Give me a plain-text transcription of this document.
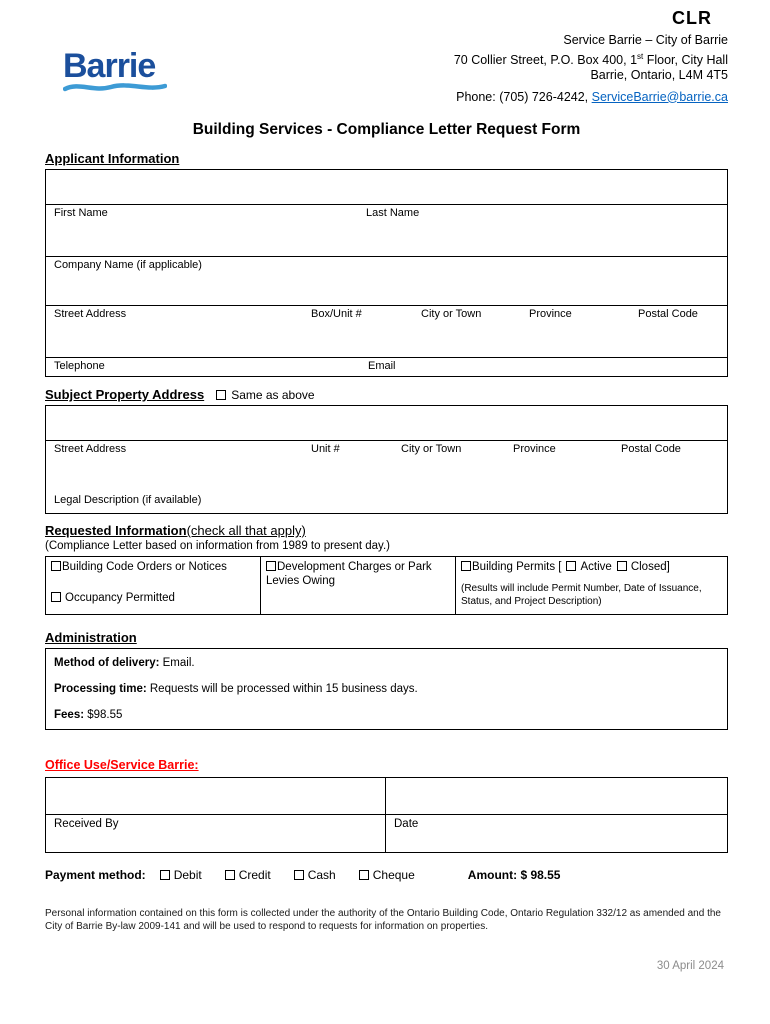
CLR
Barrie
Service Barrie – City of Barrie
70 Collier Street, P.O. Box 400, 1st Floor, City Hall
Barrie, Ontario, L4M 4T5
Phone: (705) 726-4242, ServiceBarrie@barrie.ca
Building Services - Compliance Letter Request Form
Applicant Information
First Name	Last Name
Company Name (if applicable)
Street Address	Box/Unit #	City or Town	Province	Postal Code
Telephone	Email
Subject Property Address Same as above
Street Address	Unit #	City or Town	Province	Postal Code
Legal Description (if available)
Requested Information (check all that apply)
(Compliance Letter based on information from 1989 to present day.)
Building Code Orders or Notices
Occupancy Permitted
Development Charges or Park Levies Owing
Building Permits [ Active Closed]
(Results will include Permit Number, Date of Issuance, Status, and Project Description)
Administration

Method of delivery: Email.

Processing time: Requests will be processed within 15 business days.

Fees: $98.55

Office Use/Service Barrie:

Received By	Date
Payment method: Debit	Credit	Cash	Cheque	Amount: $ 98.55

Personal information contained on this form is collected under the authority of the Ontario Building Code, Ontario Regulation 332/12 as amended and the City of Barrie By-law 2009-141 and will be used to respond to requests for information on properties.

30 April 2024
